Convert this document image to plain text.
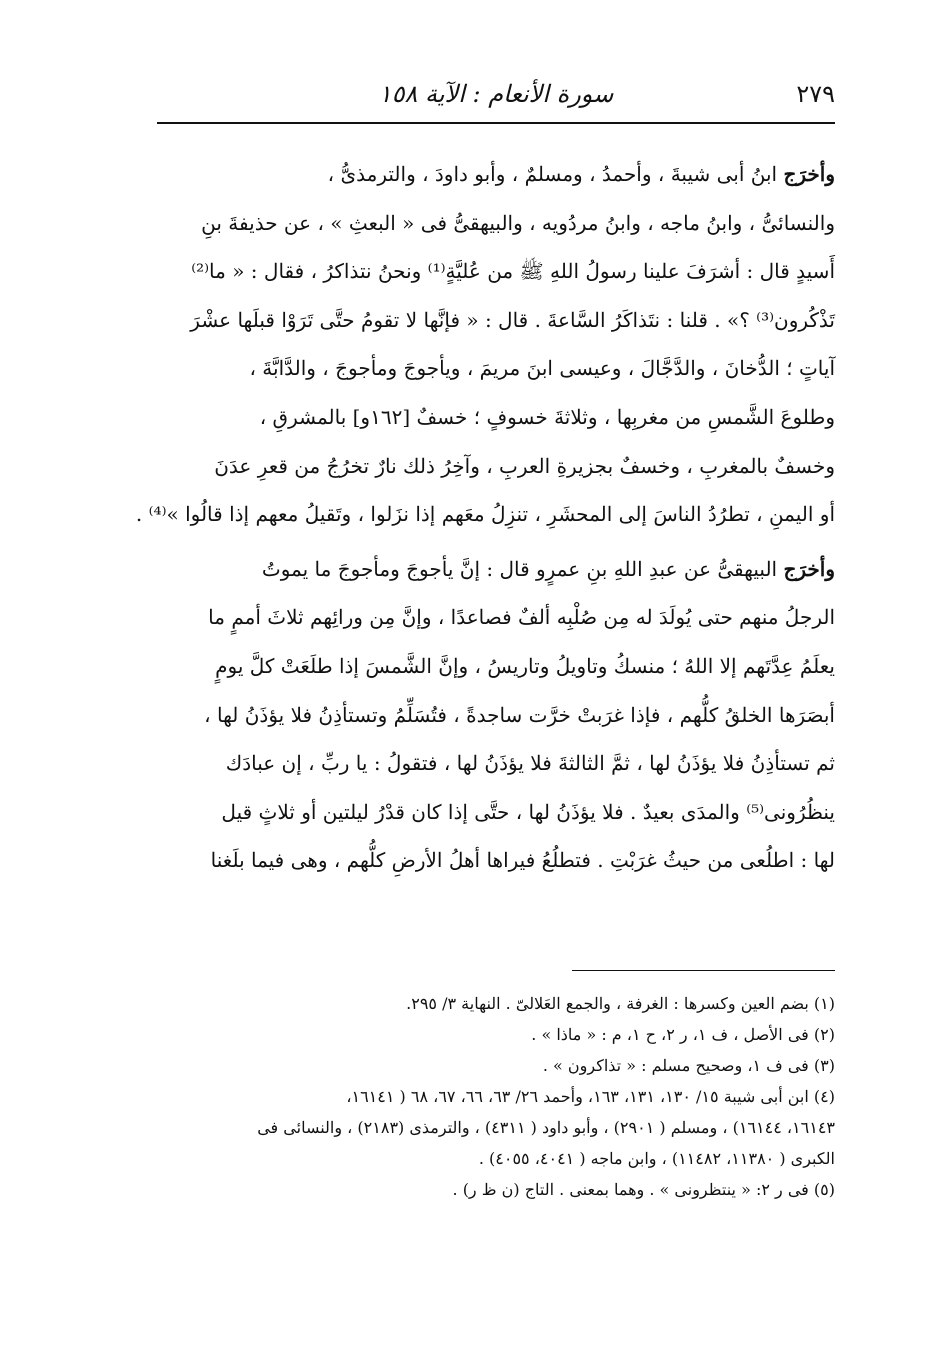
٢٧٩
سورة الأنعام : الآية ١٥٨
وأخرَج ابنُ أبى شيبةَ ، وأحمدُ ، ومسلمٌ ، وأبو داودَ ، والترمذىُّ ،
والنسائىُّ ، وابنُ ماجه ، وابنُ مردُويه ، والبيهقىُّ فى « البعثِ » ، عن حذيفةَ بنِ
أَسيدٍ قال : أشرَفَ علينا رسولُ اللهِ ﷺ من عُليَّةٍ⁽¹⁾ ونحنُ نتذاكرُ ، فقال : « ما⁽²⁾
تَذْكُرون⁽³⁾ ؟» . قلنا : نتَذاكَرُ السَّاعةَ . قال : « فإنَّها لا تقومُ حتَّى تَرَوْا قبلَها عشْرَ
آياتٍ ؛ الدُّخانَ ، والدَّجَّالَ ، وعيسى ابنَ مريمَ ، ويأجوجَ ومأجوجَ ، والدَّابَّةَ ،
وطلوعَ الشَّمسِ من مغربِها ، وثلاثةَ خسوفٍ ؛ خسفٌ [١٦٢و] بالمشرقِ ،
وخسفٌ بالمغربِ ، وخسفٌ بجزيرةِ العربِ ، وآخِرُ ذلك نارٌ تخرُجُ من قعرِ عدَنَ
أو اليمنِ ، تطرُدُ الناسَ إلى المحشَرِ ، تنزِلُ معَهم إذا نزَلوا ، وتَقيلُ معهم إذا قالُوا »⁽⁴⁾ .
وأخرَج البيهقىُّ عن عبدِ اللهِ بنِ عمرٍو قال : إنَّ يأجوجَ ومأجوجَ ما يموتُ
الرجلُ منهم حتى يُولَدَ له مِن صُلْبِه ألفٌ فصاعدًا ، وإنَّ مِن ورائِهم ثلاثَ أممٍ ما
يعلَمُ عِدَّتَهم إلا اللهُ ؛ منسكُ وتاويلُ وتاريسُ ، وإنَّ الشَّمسَ إذا طلَعَتْ كلَّ يومٍ
أبصَرَها الخلقُ كلُّهم ، فإذا غرَبتْ خرَّت ساجدةً ، فتُسَلِّمُ وتستأذِنُ فلا يؤذَنُ لها ،
ثم تستأذِنُ فلا يؤذَنُ لها ، ثمَّ الثالثةَ فلا يؤذَنُ لها ، فتقولُ : يا ربِّ ، إن عبادَك
ينظُرُونى⁽⁵⁾ والمدَى بعيدٌ . فلا يؤذَنُ لها ، حتَّى إذا كان قدْرُ ليلتين أو ثلاثٍ قيل
لها : اطلُعى من حيثُ غرَبْتِ . فتطلُعُ فيراها أهلُ الأرضِ كلُّهم ، وهى فيما بلَغنا
(١) بضم العين وكسرها : الغرفة ، والجمع العَلالىّ . النهاية ٣/ ٢٩٥.
(٢) فى الأصل ، ف ١، ر ٢، ح ١، م : « ماذا » .
(٣) فى ف ١، وصحيح مسلم : « تذاكرون » .
(٤) ابن أبى شيبة ١٥/ ١٣٠، ١٣١، ١٦٣، وأحمد ٢٦/ ٦٣، ٦٦، ٦٧، ٦٨ ( ١٦١٤١،
١٦١٤٣، ١٦١٤٤) ، ومسلم ( ٢٩٠١) ، وأبو داود ( ٤٣١١) ، والترمذى (٢١٨٣) ، والنسائى فى
الكبرى ( ١١٣٨٠، ١١٤٨٢) ، وابن ماجه ( ٤٠٤١، ٤٠٥٥) .
(٥) فى ر ٢: « ينتظرونى » . وهما بمعنى . التاج (ن ظ ر) .
